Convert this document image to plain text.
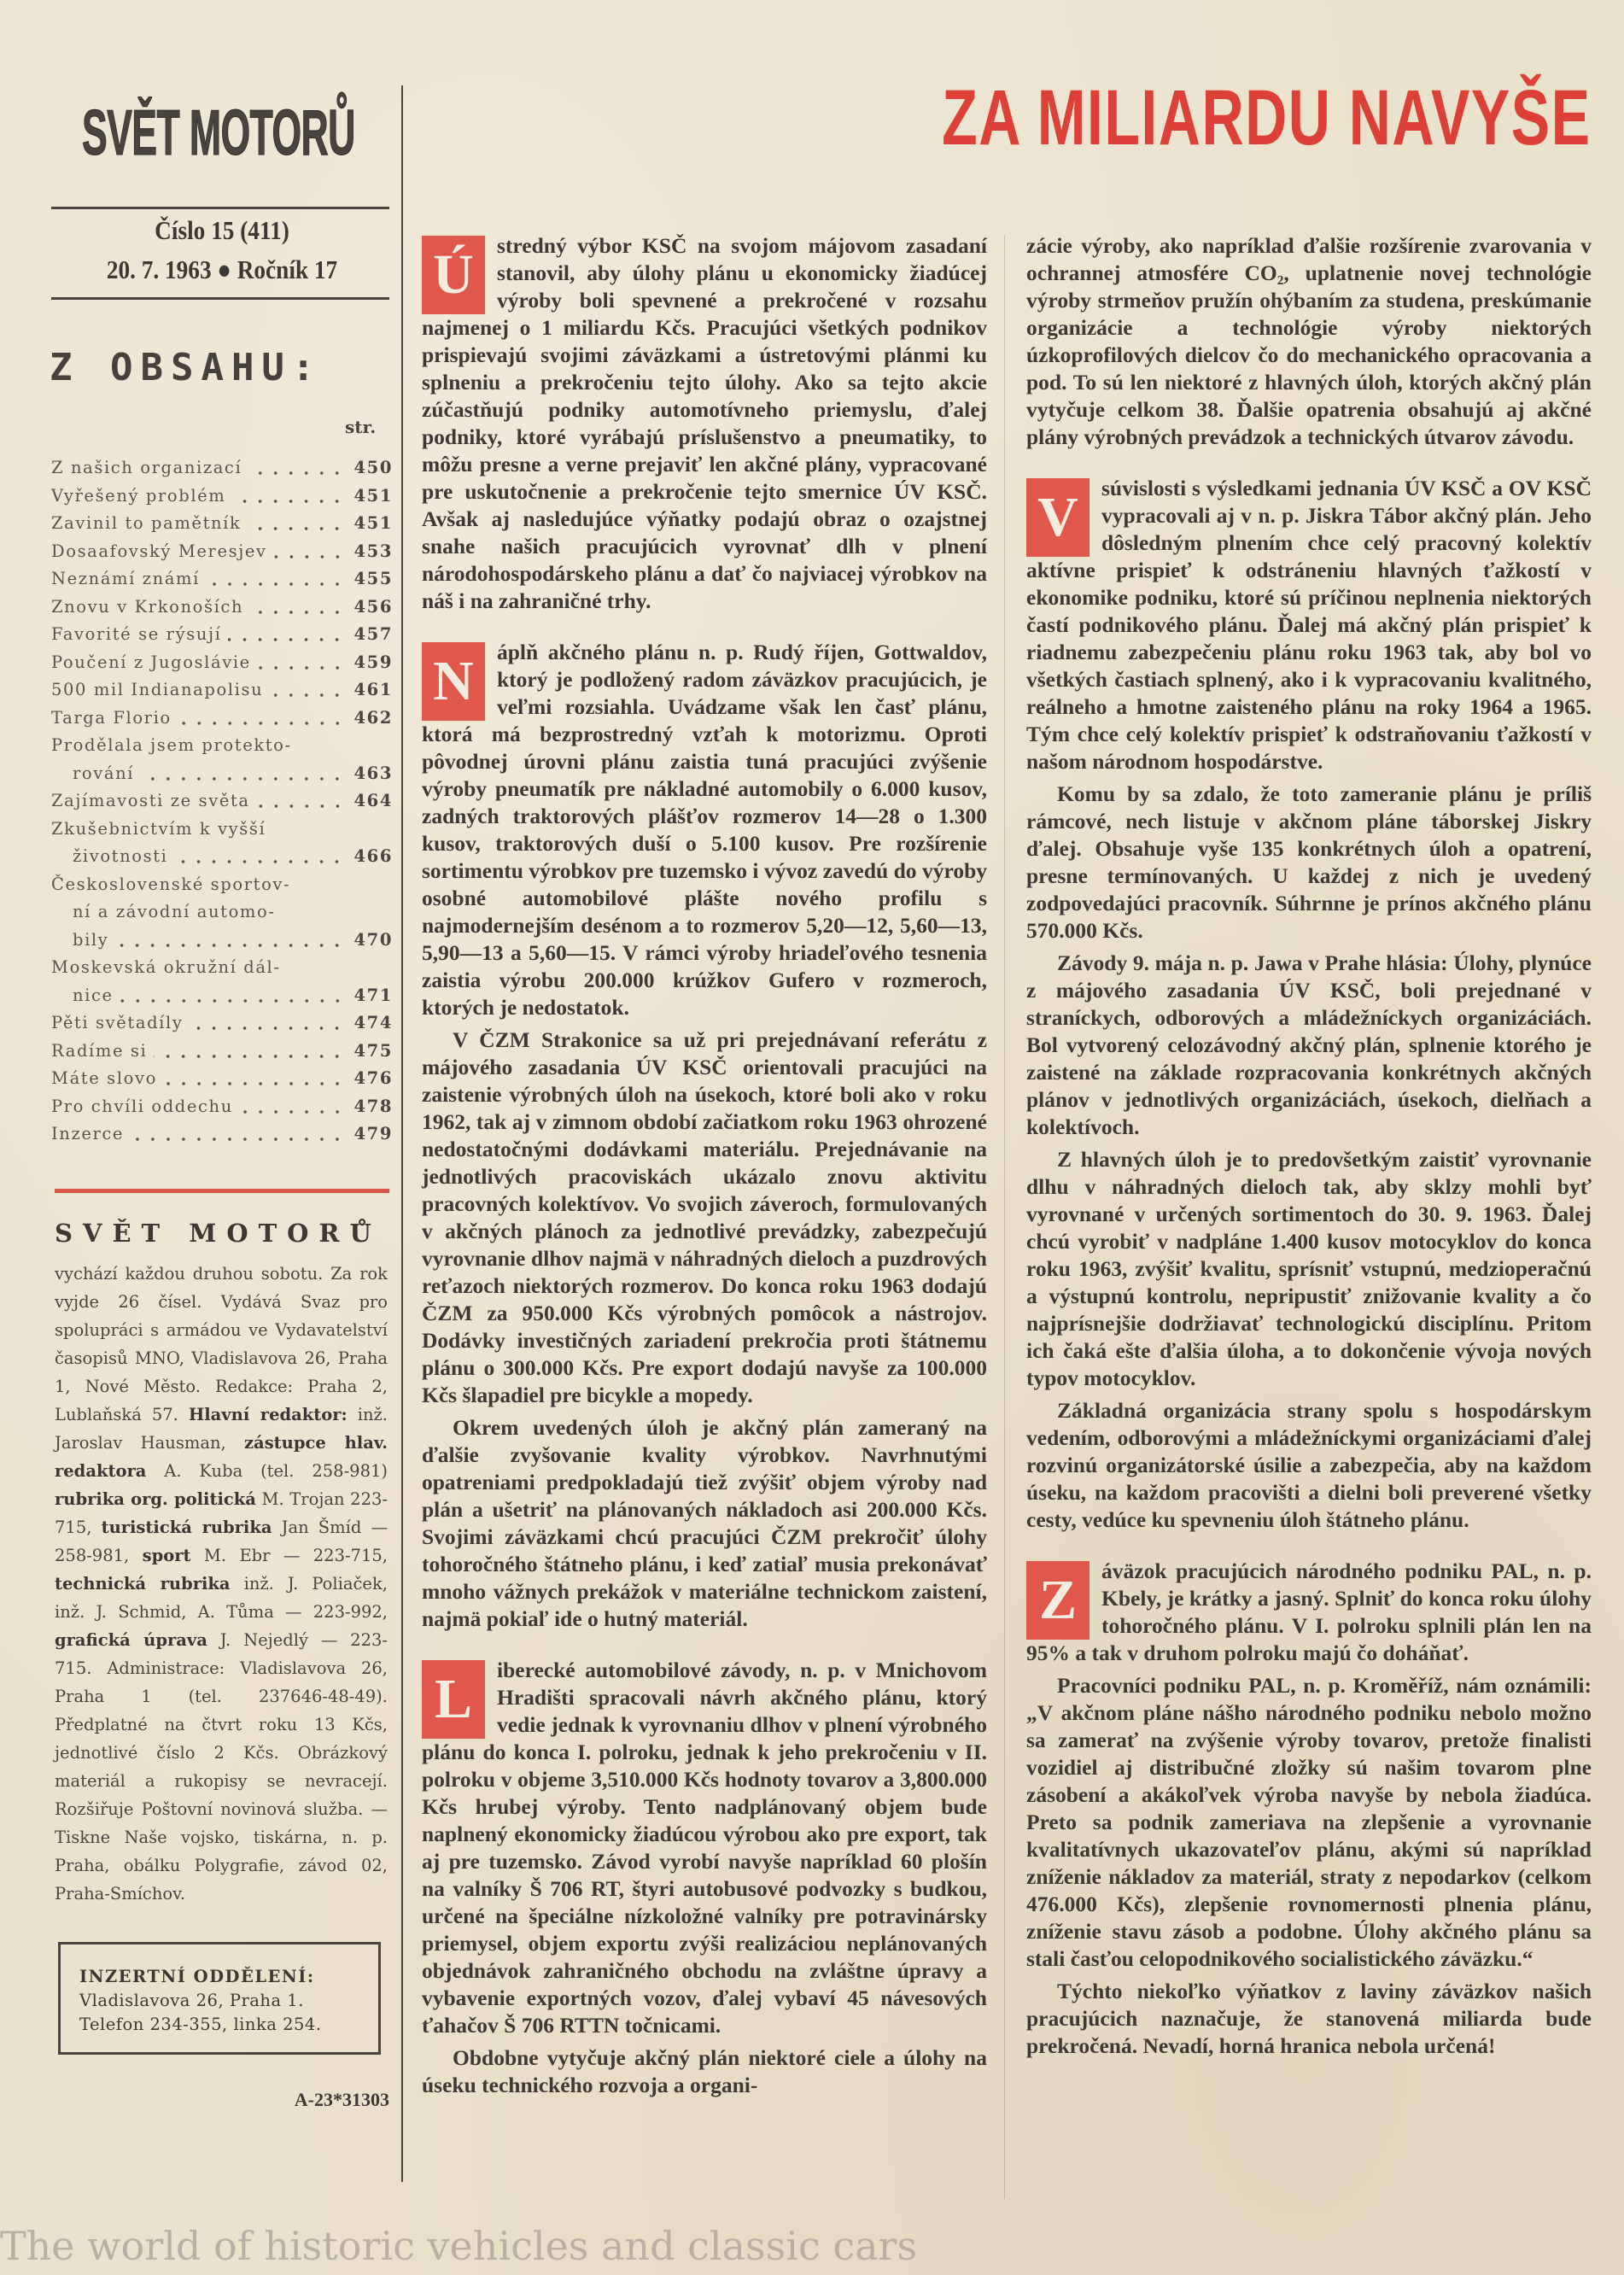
SVĚT MOTORŮ
Číslo 15 (411)
20. 7. 1963 ● Ročník 17
Z OBSAHU:
str.
Z našich organizací	450
Vyřešený problém	451
Zavinil to pamětník	451
Dosaafovský Meresjev	453
Neznámí známí	455
Znovu v Krkonoších	456
Favorité se rýsují	457
Poučení z Jugoslávie	459
500 mil Indianapolisu	461
Targa Florio	462
Prodělala jsem protekto-
rování	463
Zajímavosti ze světa	464
Zkušebnictvím k vyšší
životnosti	466
Československé sportov-
ní a závodní automo-
bily	470
Moskevská okružní dál-
nice	471
Pěti světadíly	474
Radíme si	475
Máte slovo	476
Pro chvíli oddechu	478
Inzerce	479
SVĚT MOTORŮ
vychází každou druhou sobotu. Za rok vyjde 26 čísel. Vydává Svaz pro spolupráci s armádou ve Vydavatelství časopisů MNO, Vladislavova 26, Praha 1, Nové Město. Redakce: Praha 2, Lublaňská 57. Hlavní redaktor: inž. Jaroslav Hausman, zástupce hlav. redaktora A. Kuba (tel. 258-981) rubrika org. politická M. Trojan 223-715, turistická rubrika Jan Šmíd — 258-981, sport M. Ebr — 223-715, technická rubrika inž. J. Poliaček, inž. J. Schmid, A. Tůma — 223-992, grafická úprava J. Nejedlý — 223-715. Administrace: Vladislavova 26, Praha 1 (tel. 237646-48-49). Předplatné na čtvrt roku 13 Kčs, jednotlivé číslo 2 Kčs. Obrázkový materiál a rukopisy se nevracejí. Rozšiřuje Poštovní novinová služba. — Tiskne Naše vojsko, tiskárna, n. p. Praha, obálku Polygrafie, závod 02, Praha-Smíchov.
INZERTNÍ ODDĚLENÍ:
Vladislavova 26, Praha 1.
Telefon 234-355, linka 254.
A-23*31303
ZA MILIARDU NAVYŠE

Ú	stredný výbor KSČ na svojom májovom zasadaní stanovil, aby úlohy plánu u ekonomicky žiadúcej výroby boli spevnené a prekročené v rozsahu najmenej o 1 miliardu Kčs. Pracujúci všetkých podnikov prispievajú svojimi záväzkami a ústretovými plánmi ku splneniu a prekročeniu tejto úlohy. Ako sa tejto akcie zúčastňujú podniky automotívneho priemyslu, ďalej podniky, ktoré vyrábajú príslušenstvo a pneumatiky, to môžu presne a verne prejaviť len akčné plány, vypracované pre uskutočnenie a prekročenie tejto smernice ÚV KSČ. Avšak aj nasledujúce výňatky podajú obraz o ozajstnej snahe našich pracujúcich vyrovnať dlh v plnení národohospodárskeho plánu a dať čo najviacej výrobkov na náš i na zahraničné trhy.

N	áplň akčného plánu n. p. Rudý říjen, Gottwaldov, ktorý je podložený radom záväzkov pracujúcich, je veľmi rozsiahla. Uvádzame však len časť plánu, ktorá má bezprostredný vzťah k motorizmu. Oproti pôvodnej úrovni plánu zaistia tuná pracujúci zvýšenie výroby pneumatík pre nákladné automobily o 6.000 kusov, zadných traktorových plášťov rozmerov 14—28 o 1.300 kusov, traktorových duší o 5.100 kusov. Pre rozšírenie sortimentu výrobkov pre tuzemsko i vývoz zavedú do výroby osobné automobilové plášte nového profilu s najmodernejším desénom a to rozmerov 5,20—12, 5,60—13, 5,90—13 a 5,60—15. V rámci výroby hriadeľového tesnenia zaistia výrobu 200.000 krúžkov Gufero v rozmeroch, ktorých je nedostatok.

V ČZM Strakonice sa už pri prejednávaní referátu z májového zasadania ÚV KSČ orientovali pracujúci na zaistenie výrobných úloh na úsekoch, ktoré boli ako v roku 1962, tak aj v zimnom období začiatkom roku 1963 ohrozené nedostatočnými dodávkami materiálu. Prejednávanie na jednotlivých pracoviskách ukázalo znovu aktivitu pracovných kolektívov. Vo svojich záveroch, formulovaných v akčných plánoch za jednotlivé prevádzky, zabezpečujú vyrovnanie dlhov najmä v náhradných dieloch a puzdrových reťazoch niektorých rozmerov. Do konca roku 1963 dodajú ČZM za 950.000 Kčs výrobných pomôcok a nástrojov. Dodávky investičných zariadení prekročia proti štátnemu plánu o 300.000 Kčs. Pre export dodajú navyše za 100.000 Kčs šlapadiel pre bicykle a mopedy.

Okrem uvedených úloh je akčný plán zameraný na ďalšie zvyšovanie kvality výrobkov. Navrhnutými opatreniami predpokladajú tiež zvýšiť objem výroby nad plán a ušetriť na plánovaných nákladoch asi 200.000 Kčs. Svojimi záväzkami chcú pracujúci ČZM prekročiť úlohy tohoročného štátneho plánu, i keď zatiaľ musia prekonávať mnoho vážnych prekážok v materiálne technickom zaistení, najmä pokiaľ ide o hutný materiál.

L	iberecké automobilové závody, n. p. v Mnichovom Hradišti spracovali návrh akčného plánu, ktorý vedie jednak k vyrovnaniu dlhov v plnení výrobného plánu do konca I. polroku, jednak k jeho prekročeniu v II. polroku v objeme 3,510.000 Kčs hodnoty tovarov a 3,800.000 Kčs hrubej výroby. Tento nadplánovaný objem bude naplnený ekonomicky žiadúcou výrobou ako pre export, tak aj pre tuzemsko. Závod vyrobí navyše napríklad 60 plošín na valníky Š 706 RT, štyri autobusové podvozky s budkou, určené na špeciálne nízkoložné valníky pre potravinársky priemysel, objem exportu zvýši realizáciou neplánovaných objednávok zahraničného obchodu na zvláštne úpravy a vybavenie exportných vozov, ďalej vybaví 45 návesových ťahačov Š 706 RTTN točnicami.

Obdobne vytyčuje akčný plán niektoré ciele a úlohy na úseku technického rozvoja a organi-

zácie výroby, ako napríklad ďalšie rozšírenie zvarovania v ochrannej atmosfére CO₂, uplatnenie novej technológie výroby strmeňov pružín ohýbaním za studena, preskúmanie organizácie a technológie výroby niektorých úzkoprofilových dielcov čo do mechanického opracovania a pod. To sú len niektoré z hlavných úloh, ktorých akčný plán vytyčuje celkom 38. Ďalšie opatrenia obsahujú aj akčné plány výrobných prevádzok a technických útvarov závodu.

V	súvislosti s výsledkami jednania ÚV KSČ a OV KSČ vypracovali aj v n. p. Jiskra Tábor akčný plán. Jeho dôsledným plnením chce celý pracovný kolektív aktívne prispieť k odstráneniu hlavných ťažkostí v ekonomike podniku, ktoré sú príčinou neplnenia niektorých častí podnikového plánu. Ďalej má akčný plán prispieť k riadnemu zabezpečeniu plánu roku 1963 tak, aby bol vo všetkých častiach splnený, ako i k vypracovaniu kvalitného, reálneho a hmotne zaisteného plánu na roky 1964 a 1965. Tým chce celý kolektív prispieť k odstraňovaniu ťažkostí v našom národnom hospodárstve.

Komu by sa zdalo, že toto zameranie plánu je príliš rámcové, nech listuje v akčnom pláne táborskej Jiskry ďalej. Obsahuje vyše 135 konkrétnych úloh a opatrení, presne termínovaných. U každej z nich je uvedený zodpovedajúci pracovník. Súhrnne je prínos akčného plánu 570.000 Kčs.

Závody 9. mája n. p. Jawa v Prahe hlásia: Úlohy, plynúce z májového zasadania ÚV KSČ, boli prejednané v straníckych, odborových a mládežníckych organizáciách. Bol vytvorený celozávodný akčný plán, splnenie ktorého je zaistené na základe rozpracovania konkrétnych akčných plánov v jednotlivých organizáciách, úsekoch, dielňach a kolektívoch.

Z hlavných úloh je to predovšetkým zaistiť vyrovnanie dlhu v náhradných dieloch tak, aby sklzy mohli byť vyrovnané v určených sortimentoch do 30. 9. 1963. Ďalej chcú vyrobiť v nadpláne 1.400 kusov motocyklov do konca roku 1963, zvýšiť kvalitu, sprísniť vstupnú, medzioperačnú a výstupnú kontrolu, nepripustiť znižovanie kvality a čo najprísnejšie dodržiavať technologickú disciplínu. Pritom ich čaká ešte ďalšia úloha, a to dokončenie vývoja nových typov motocyklov.

Základná organizácia strany spolu s hospodárskym vedením, odborovými a mládežníckymi organizáciami ďalej rozvinú organizátorské úsilie a zabezpečia, aby na každom úseku, na každom pracovišti a dielni boli preverené všetky cesty, vedúce ku spevneniu úloh štátneho plánu.

Z	áväzok pracujúcich národného podniku PAL, n. p. Kbely, je krátky a jasný. Splniť do konca roku úlohy tohoročného plánu. V I. polroku splnili plán len na 95% a tak v druhom polroku majú čo doháňať.

Pracovníci podniku PAL, n. p. Kroměříž, nám oznámili: „V akčnom pláne nášho národného podniku nebolo možno sa zamerať na zvýšenie výroby tovarov, pretože finalisti vozidiel aj distribučné zložky sú našim tovarom plne zásobení a akákoľvek výroba navyše by nebola žiadúca. Preto sa podnik zameriava na zlepšenie a vyrovnanie kvalitatívnych ukazovateľov plánu, akými sú napríklad zníženie nákladov za materiál, straty z nepodarkov (celkom 476.000 Kčs), zlepšenie rovnomernosti plnenia plánu, zníženie stavu zásob a podobne. Úlohy akčného plánu sa stali časťou celopodnikového socialistického záväzku.“

Týchto niekoľko výňatkov z laviny záväzkov našich pracujúcich naznačuje, že stanovená miliarda bude prekročená. Nevadí, horná hranica nebola určená!

The world of historic vehicles and classic cars
